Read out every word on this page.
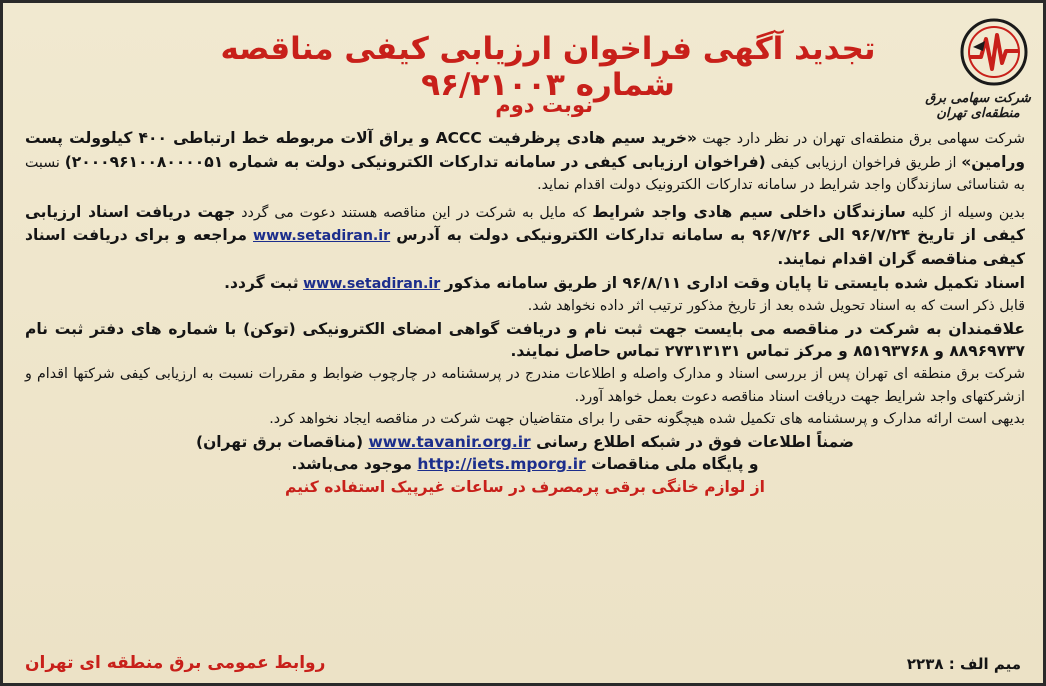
شرکت سهامی برق منطقه‌ای تهران
تجدید آگهی فراخوان ارزیابی کیفی مناقصه شماره ۹۶/۲۱۰۰۳
نوبت دوم

شرکت سهامی برق منطقه‌ای تهران در نظر دارد جهت «خرید سیم هادی پرظرفیت ACCC و یراق آلات مربوطه خط ارتباطی ۴۰۰ کیلوولت پست ورامین» از طریق فراخوان ارزیابی کیفی (فراخوان ارزیابی کیفی در سامانه تدارکات الکترونیکی دولت به شماره ۲۰۰۰۹۶۱۰۰۸۰۰۰۰۵۱) نسبت به شناسائی سازندگان واجد شرایط در سامانه تدارکات الکترونیک دولت اقدام نماید.

بدین وسیله از کلیه سازندگان داخلی سیم هادی واجد شرایط که مایل به شرکت در این مناقصه هستند دعوت می گردد جهت دریافت اسناد ارزیابی کیفی از تاریخ ۹۶/۷/۲۴ الی ۹۶/۷/۲۶ به سامانه تدارکات الکترونیکی دولت به آدرس www.setadiran.ir مراجعه و برای دریافت اسناد کیفی مناقصه گران اقدام نمایند.

اسناد تکمیل شده بایستی تا پایان وقت اداری ۹۶/۸/۱۱ از طریق سامانه مذکور www.setadiran.ir ثبت گردد.

قابل ذکر است که به اسناد تحویل شده بعد از تاریخ مذکور ترتیب اثر داده نخواهد شد.

علاقمندان به شرکت در مناقصه می بایست جهت ثبت نام و دریافت گواهی امضای الکترونیکی (توکن) با شماره های دفتر ثبت نام ۸۸۹۶۹۷۳۷ و ۸۵۱۹۳۷۶۸ و مرکز تماس ۲۷۳۱۳۱۳۱ تماس حاصل نمایند.

شرکت برق منطقه ای تهران پس از بررسی اسناد و مدارک واصله و اطلاعات مندرج در پرسشنامه در چارچوب ضوابط و مقررات نسبت به ارزیابی کیفی شرکتها اقدام و ازشرکتهای واجد شرایط جهت دریافت اسناد مناقصه دعوت بعمل خواهد آورد.

بدیهی است ارائه مدارک و پرسشنامه های تکمیل شده هیچگونه حقی را برای متقاضیان جهت شرکت در مناقصه ایجاد نخواهد کرد.

ضمناً اطلاعات فوق در شبکه اطلاع رسانی www.tavanir.org.ir (مناقصات برق تهران)

و پایگاه ملی مناقصات http://iets.mporg.ir موجود می‌باشد.

از لوازم خانگی برقی پرمصرف در ساعات غیرپیک استفاده کنیم

میم الف : ۲۲۳۸
روابط عمومی برق منطقه ای تهران
